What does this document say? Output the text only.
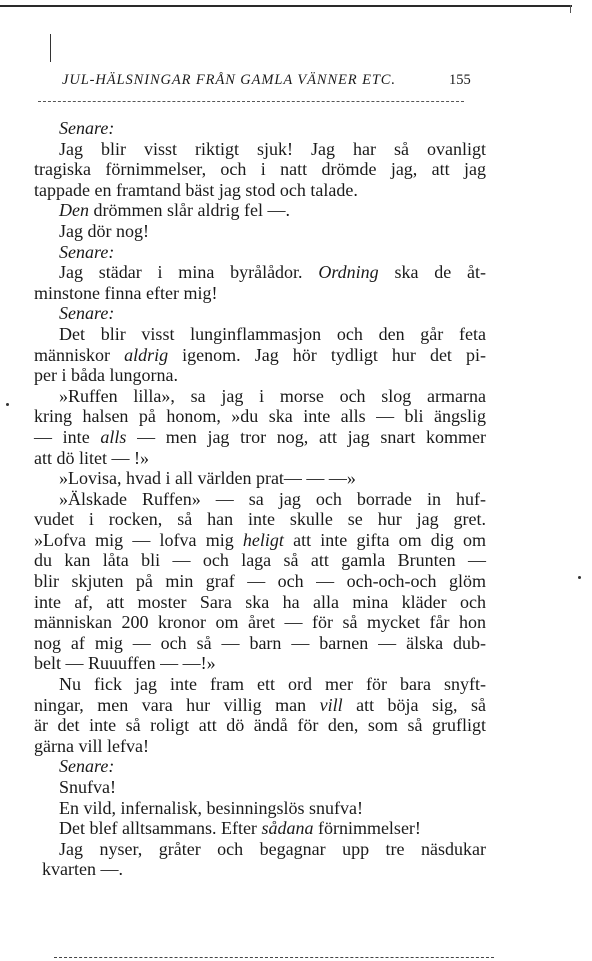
JUL-HÄLSNINGAR FRÅN GAMLA VÄNNER ETC.	155
Senare:
Jag blir visst riktigt sjuk! Jag har så ovanligt
tragiska förnimmelser, och i natt drömde jag, att jag
tappade en framtand bäst jag stod och talade.
Den drömmen slår aldrig fel —.
Jag dör nog!
Senare:
Jag städar i mina byrålådor. Ordning ska de åt-
minstone finna efter mig!
Senare:
Det blir visst lunginflammasjon och den går feta
människor aldrig igenom. Jag hör tydligt hur det pi-
per i båda lungorna.
»Ruffen lilla», sa jag i morse och slog armarna
kring halsen på honom, »du ska inte alls — bli ängslig
— inte alls — men jag tror nog, att jag snart kommer
att dö litet — !»
»Lovisa, hvad i all världen prat— — —»
»Älskade Ruffen» — sa jag och borrade in huf-
vudet i rocken, så han inte skulle se hur jag gret.
»Lofva mig — lofva mig heligt att inte gifta om dig om
du kan låta bli — och laga så att gamla Brunten —
blir skjuten på min graf — och — och-och-och glöm
inte af, att moster Sara ska ha alla mina kläder och
människan 200 kronor om året — för så mycket får hon
nog af mig — och så — barn — barnen — älska dub-
belt — Ruuuffen — —!»
Nu fick jag inte fram ett ord mer för bara snyft-
ningar, men vara hur villig man vill att böja sig, så
är det inte så roligt att dö ändå för den, som så grufligt
gärna vill lefva!
Senare:
Snufva!
En vild, infernalisk, besinningslös snufva!
Det blef alltsammans. Efter sådana förnimmelser!
Jag nyser, gråter och begagnar upp tre näsdukar
kvarten —.
